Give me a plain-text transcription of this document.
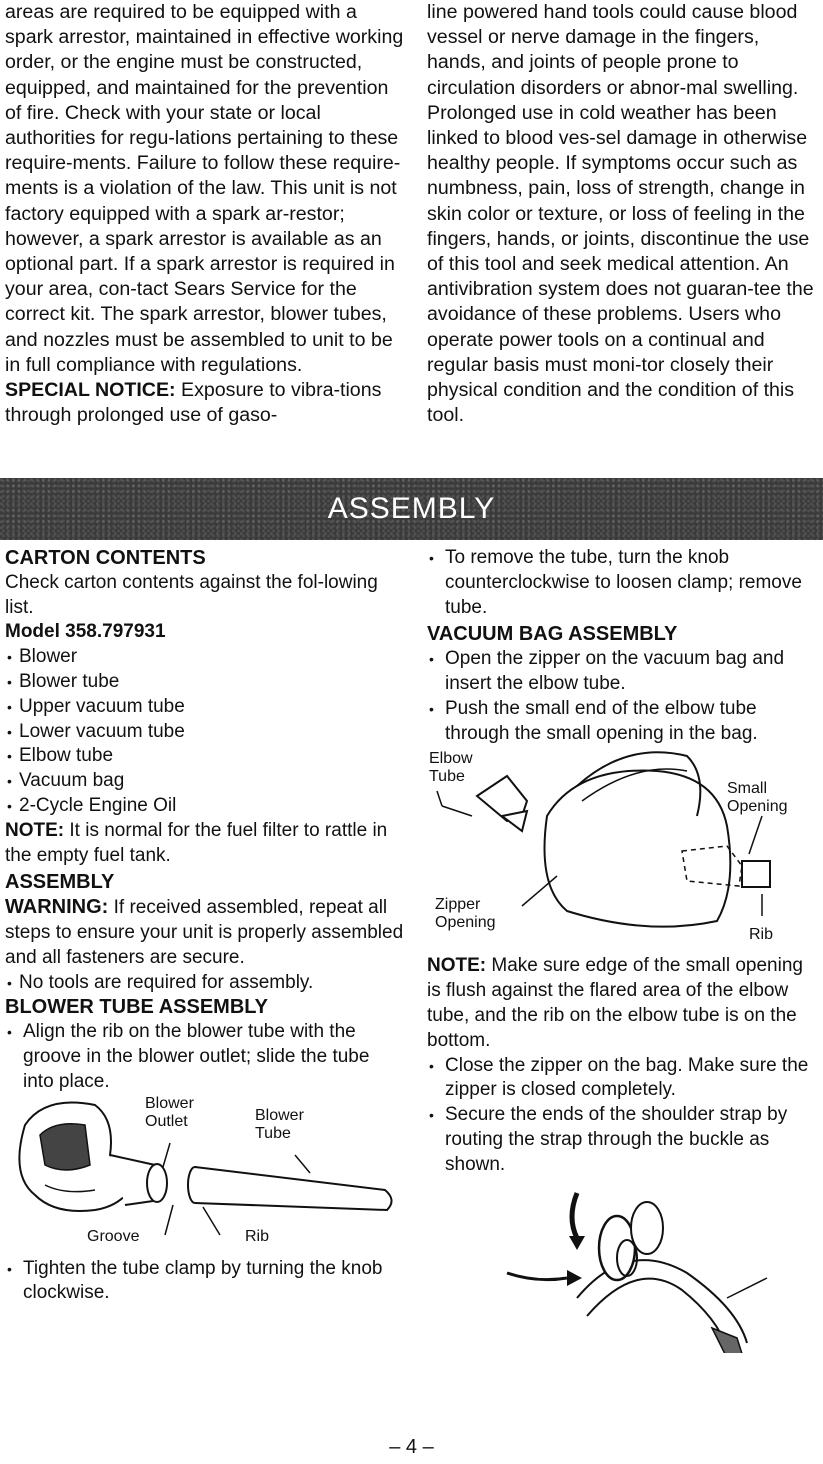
areas are required to be equipped with a spark arrestor, maintained in effective working order, or the engine must be constructed, equipped, and maintained for the prevention of fire. Check with your state or local authorities for regu-lations pertaining to these require-ments. Failure to follow these require-ments is a violation of the law. This unit is not factory equipped with a spark ar-restor; however, a spark arrestor is available as an optional part. If a spark arrestor is required in your area, con-tact Sears Service for the correct kit. The spark arrestor, blower tubes, and nozzles must be assembled to unit to be in full compliance with regulations.

SPECIAL NOTICE: Exposure to vibra-tions through prolonged use of gaso-

line powered hand tools could cause blood vessel or nerve damage in the fingers, hands, and joints of people prone to circulation disorders or abnor-mal swelling. Prolonged use in cold weather has been linked to blood ves-sel damage in otherwise healthy people. If symptoms occur such as numbness, pain, loss of strength, change in skin color or texture, or loss of feeling in the fingers, hands, or joints, discontinue the use of this tool and seek medical attention. An antivibration system does not guaran-tee the avoidance of these problems. Users who operate power tools on a continual and regular basis must moni-tor closely their physical condition and the condition of this tool.

ASSEMBLY
CARTON CONTENTS

Check carton contents against the fol-lowing list.

Model 358.797931
• Blower
• Blower tube
• Upper vacuum tube
• Lower vacuum tube
• Elbow tube
• Vacuum bag
• 2-Cycle Engine Oil

NOTE: It is normal for the fuel filter to rattle in the empty fuel tank.

ASSEMBLY

WARNING: If received assembled, repeat all steps to ensure your unit is properly assembled and all fasteners are secure.

• No tools are required for assembly.
BLOWER TUBE ASSEMBLY
• Align the rib on the blower tube with the groove in the blower outlet; slide the tube into place.
Blower
Outlet	Blower
Tube
Groove	Rib
• Tighten the tube clamp by turning the knob clockwise.
• To remove the tube, turn the knob counterclockwise to loosen clamp; remove tube.
VACUUM BAG ASSEMBLY
• Open the zipper on the vacuum bag and insert the elbow tube.
• Push the small end of the elbow tube through the small opening in the bag.
Elbow
Tube
Small
Opening
Zipper
Opening
Rib

NOTE: Make sure edge of the small opening is flush against the flared area of the elbow tube, and the rib on the elbow tube is on the bottom.

• Close the zipper on the bag. Make sure the zipper is closed completely.
• Secure the ends of the shoulder strap by routing the strap through the buckle as shown.
– 4 –
